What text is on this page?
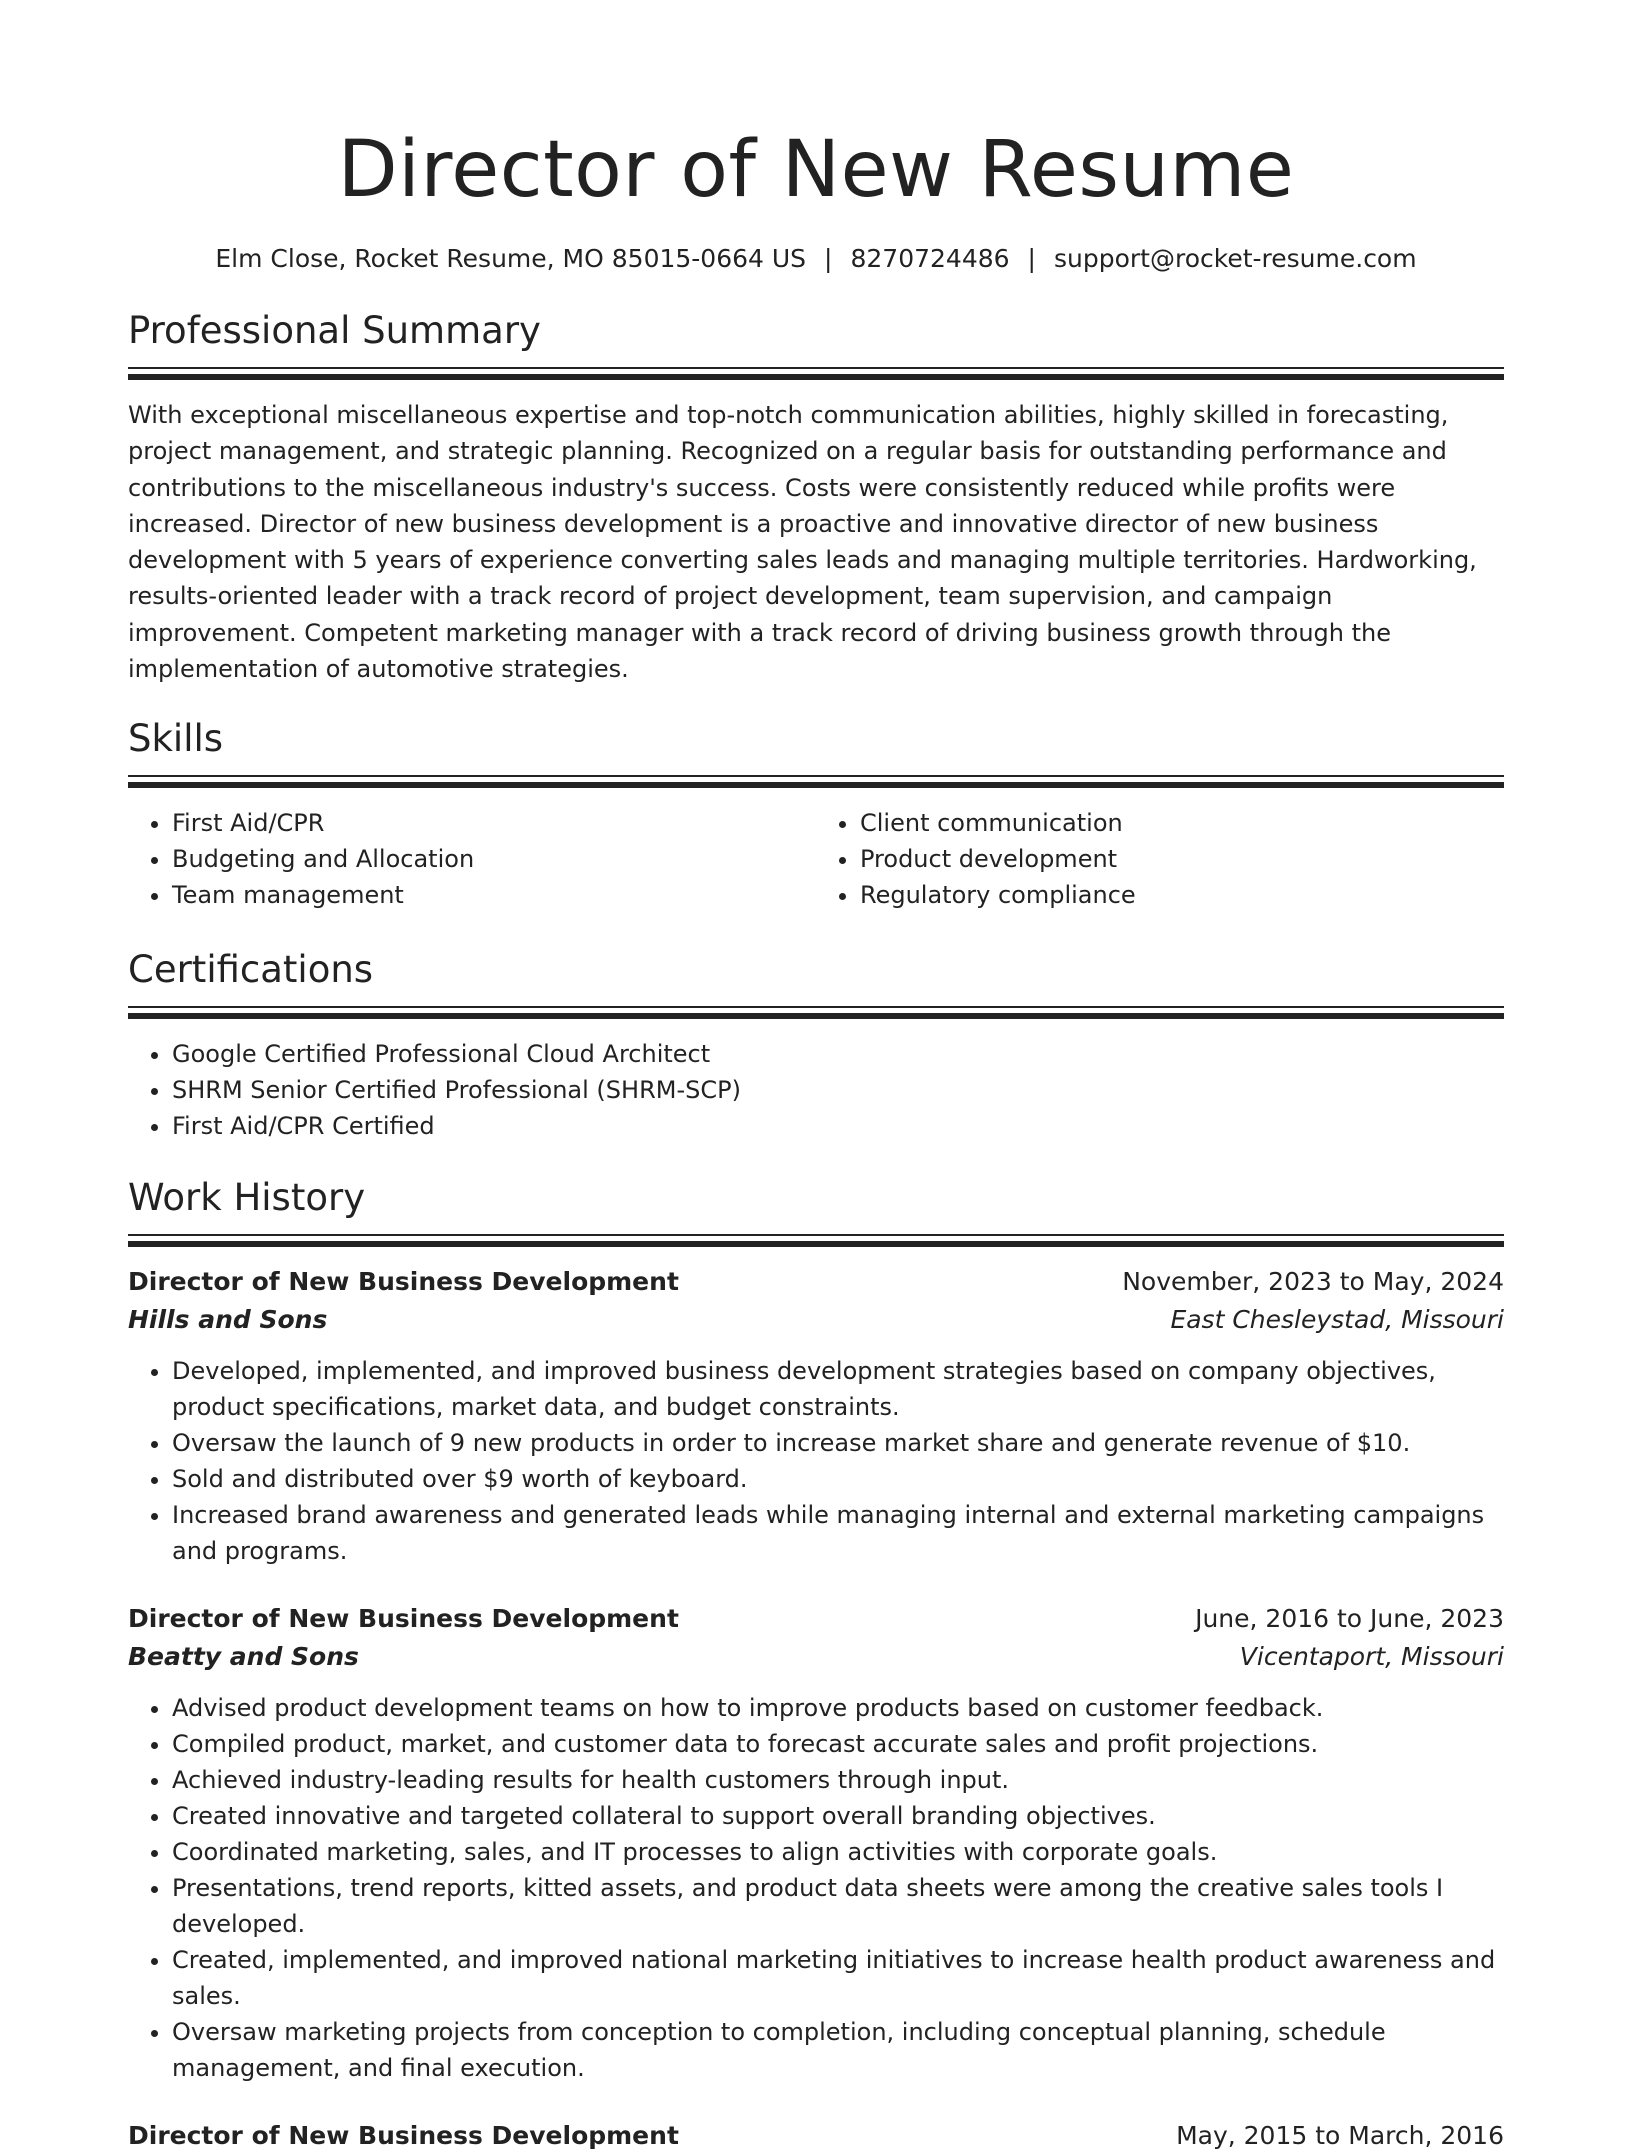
Director of New Resume
Elm Close, Rocket Resume, MO 85015-0664 US | 8270724486 | support@rocket-resume.com
Professional Summary
With exceptional miscellaneous expertise and top-notch communication abilities, highly skilled in forecasting, project management, and strategic planning. Recognized on a regular basis for outstanding performance and contributions to the miscellaneous industry's success. Costs were consistently reduced while profits were increased. Director of new business development is a proactive and innovative director of new business development with 5 years of experience converting sales leads and managing multiple territories. Hardworking, results-oriented leader with a track record of project development, team supervision, and campaign improvement. Competent marketing manager with a track record of driving business growth through the implementation of automotive strategies.
Skills
• First Aid/CPR
• Budgeting and Allocation
• Team management
• Client communication
• Product development
• Regulatory compliance
Certifications
• Google Certified Professional Cloud Architect
• SHRM Senior Certified Professional (SHRM-SCP)
• First Aid/CPR Certified
Work History
Director of New Business Development	November, 2023 to May, 2024
Hills and Sons	East Chesleystad, Missouri
• Developed, implemented, and improved business development strategies based on company objectives, product specifications, market data, and budget constraints.
• Oversaw the launch of 9 new products in order to increase market share and generate revenue of $10.
• Sold and distributed over $9 worth of keyboard.
• Increased brand awareness and generated leads while managing internal and external marketing campaigns and programs.
Director of New Business Development	June, 2016 to June, 2023
Beatty and Sons	Vicentaport, Missouri
• Advised product development teams on how to improve products based on customer feedback.
• Compiled product, market, and customer data to forecast accurate sales and profit projections.
• Achieved industry-leading results for health customers through input.
• Created innovative and targeted collateral to support overall branding objectives.
• Coordinated marketing, sales, and IT processes to align activities with corporate goals.
• Presentations, trend reports, kitted assets, and product data sheets were among the creative sales tools I developed.
• Created, implemented, and improved national marketing initiatives to increase health product awareness and sales.
• Oversaw marketing projects from conception to completion, including conceptual planning, schedule management, and final execution.
Director of New Business Development	May, 2015 to March, 2016
